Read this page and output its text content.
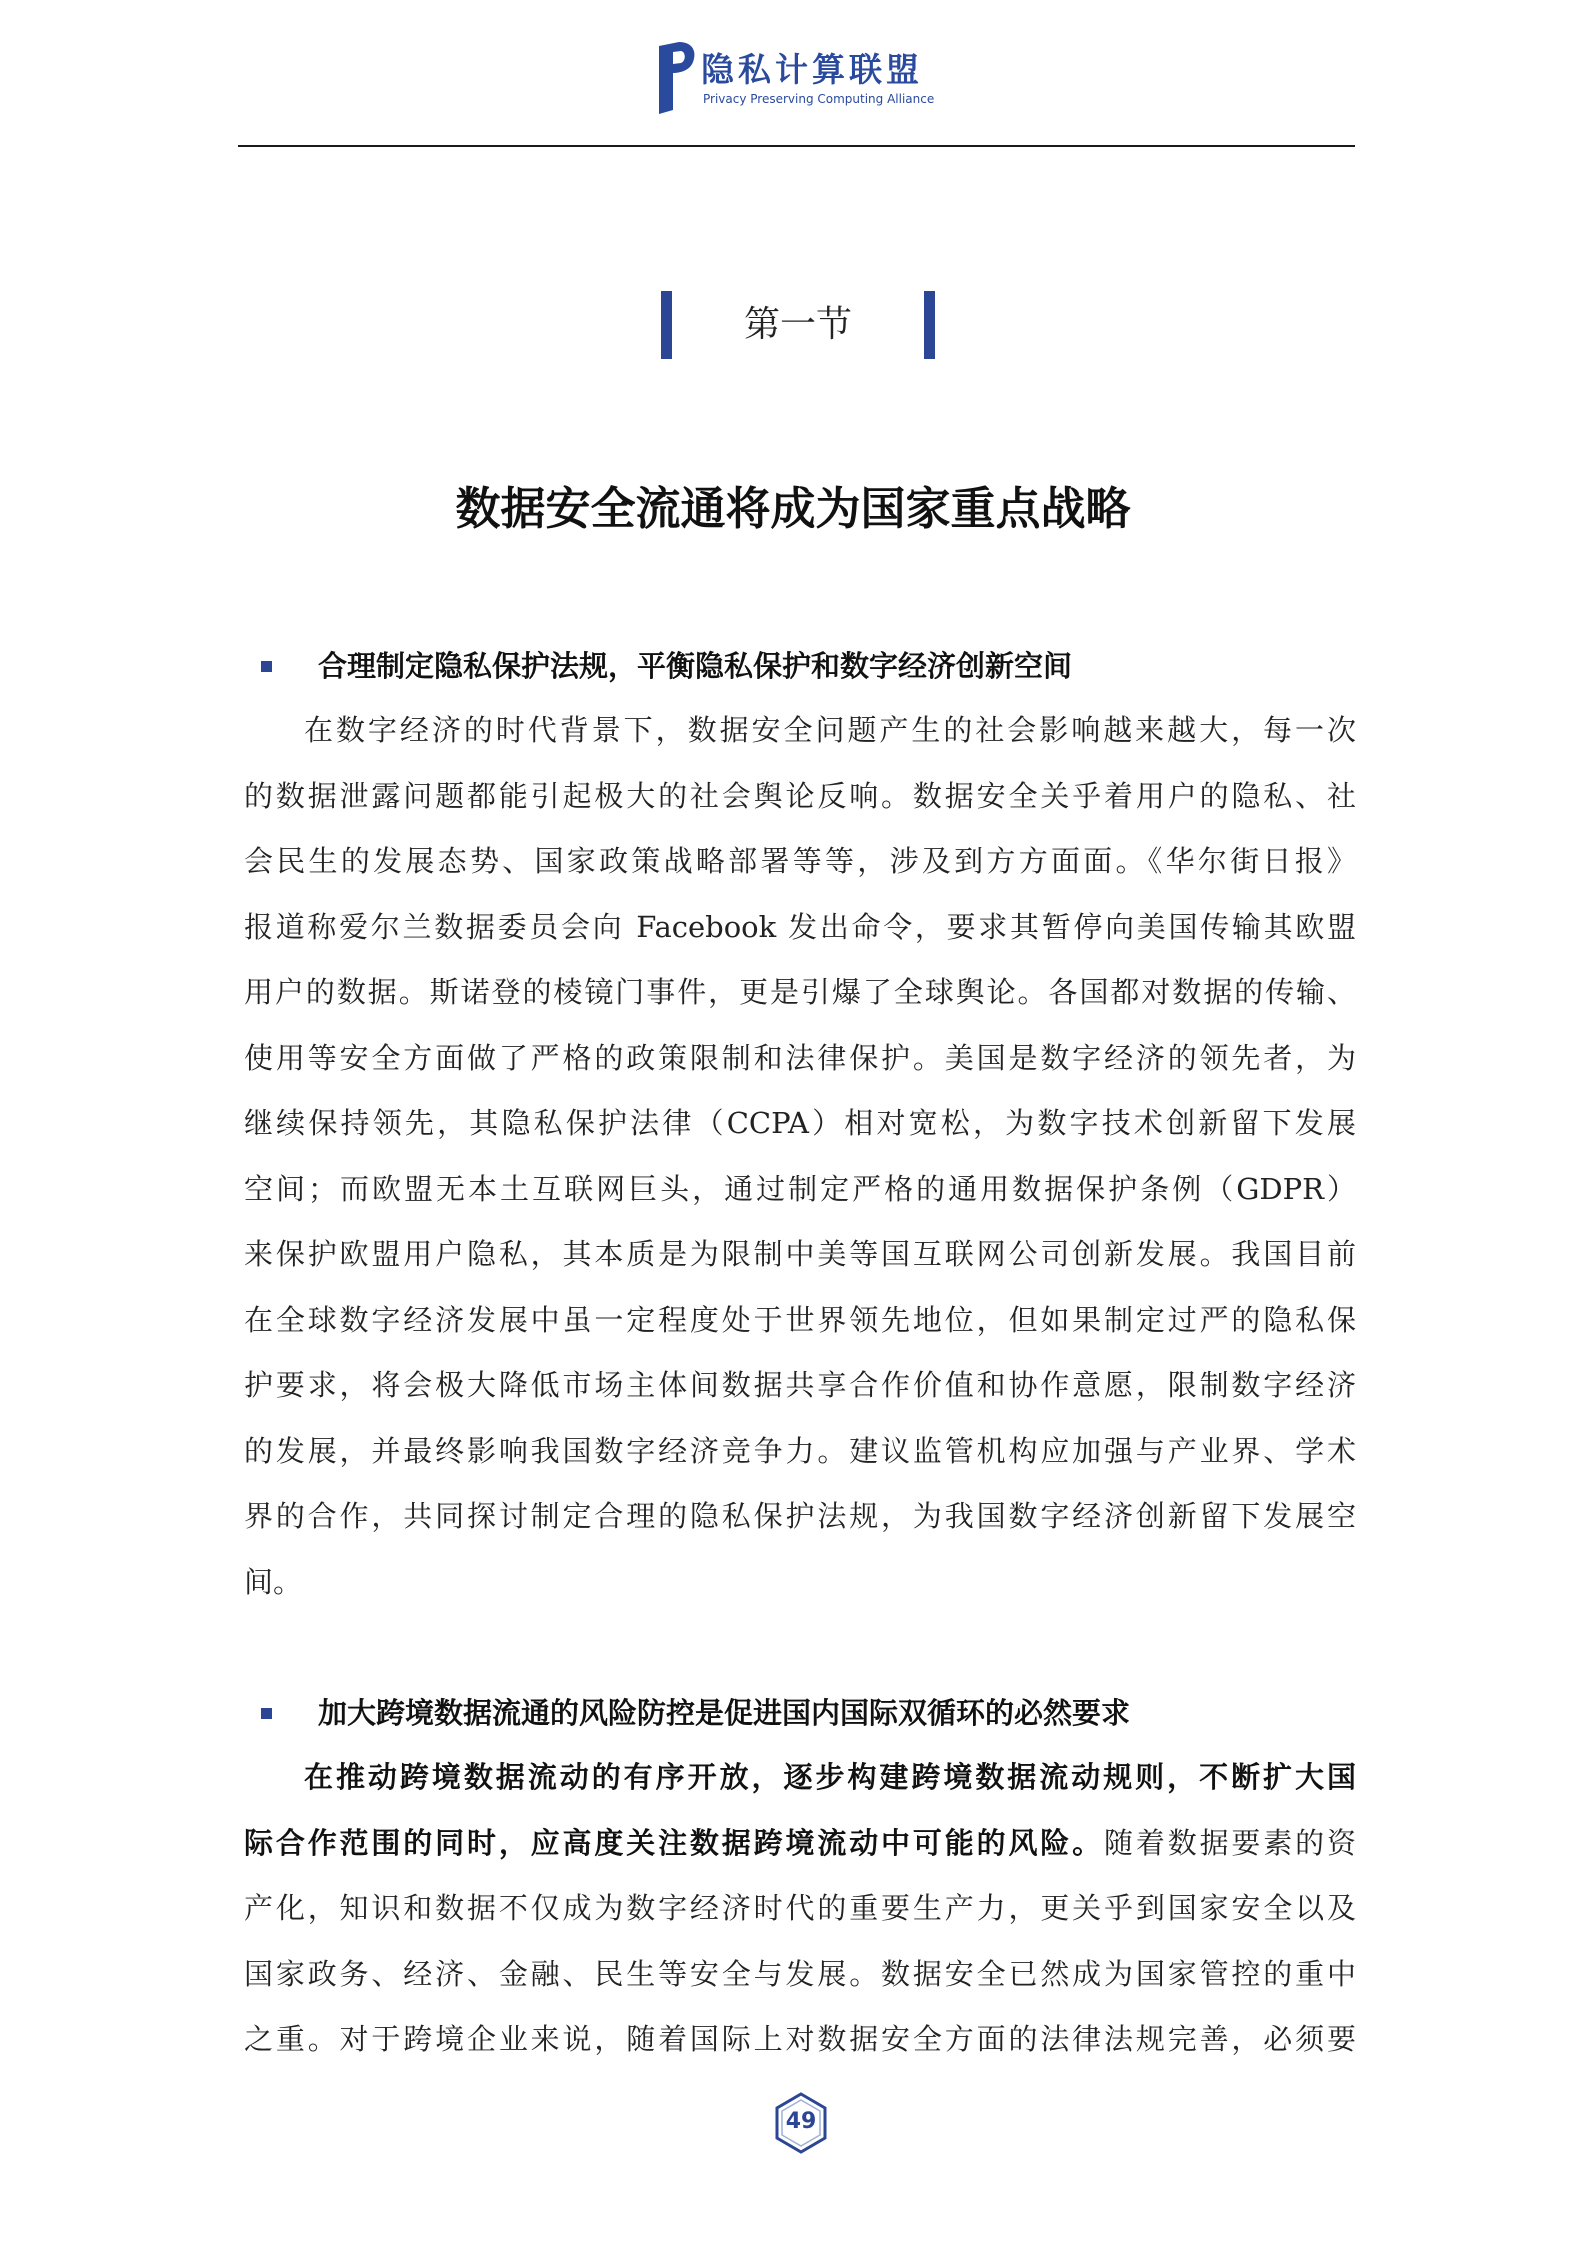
隐私计算联盟
Privacy Preserving Computing Alliance
第一节
数据安全流通将成为国家重点战略
合理制定隐私保护法规，平衡隐私保护和数字经济创新空间
在数字经济的时代背景下，数据安全问题产生的社会影响越来越大，每一次
的数据泄露问题都能引起极大的社会舆论反响。数据安全关乎着用户的隐私、社
会民生的发展态势、国家政策战略部署等等，涉及到方方面面。《华尔街日报》
报道称爱尔兰数据委员会向 Facebook 发出命令，要求其暂停向美国传输其欧盟
用户的数据。斯诺登的棱镜门事件，更是引爆了全球舆论。各国都对数据的传输、
使用等安全方面做了严格的政策限制和法律保护。美国是数字经济的领先者，为
继续保持领先，其隐私保护法律（CCPA）相对宽松，为数字技术创新留下发展
空间；而欧盟无本土互联网巨头，通过制定严格的通用数据保护条例（GDPR）
来保护欧盟用户隐私，其本质是为限制中美等国互联网公司创新发展。我国目前
在全球数字经济发展中虽一定程度处于世界领先地位，但如果制定过严的隐私保
护要求，将会极大降低市场主体间数据共享合作价值和协作意愿，限制数字经济
的发展，并最终影响我国数字经济竞争力。建议监管机构应加强与产业界、学术
界的合作，共同探讨制定合理的隐私保护法规，为我国数字经济创新留下发展空
间。
加大跨境数据流通的风险防控是促进国内国际双循环的必然要求
在推动跨境数据流动的有序开放，逐步构建跨境数据流动规则，不断扩大国
际合作范围的同时，应高度关注数据跨境流动中可能的风险。随着数据要素的资
产化，知识和数据不仅成为数字经济时代的重要生产力，更关乎到国家安全以及
国家政务、经济、金融、民生等安全与发展。数据安全已然成为国家管控的重中
之重。对于跨境企业来说，随着国际上对数据安全方面的法律法规完善，必须要
49
